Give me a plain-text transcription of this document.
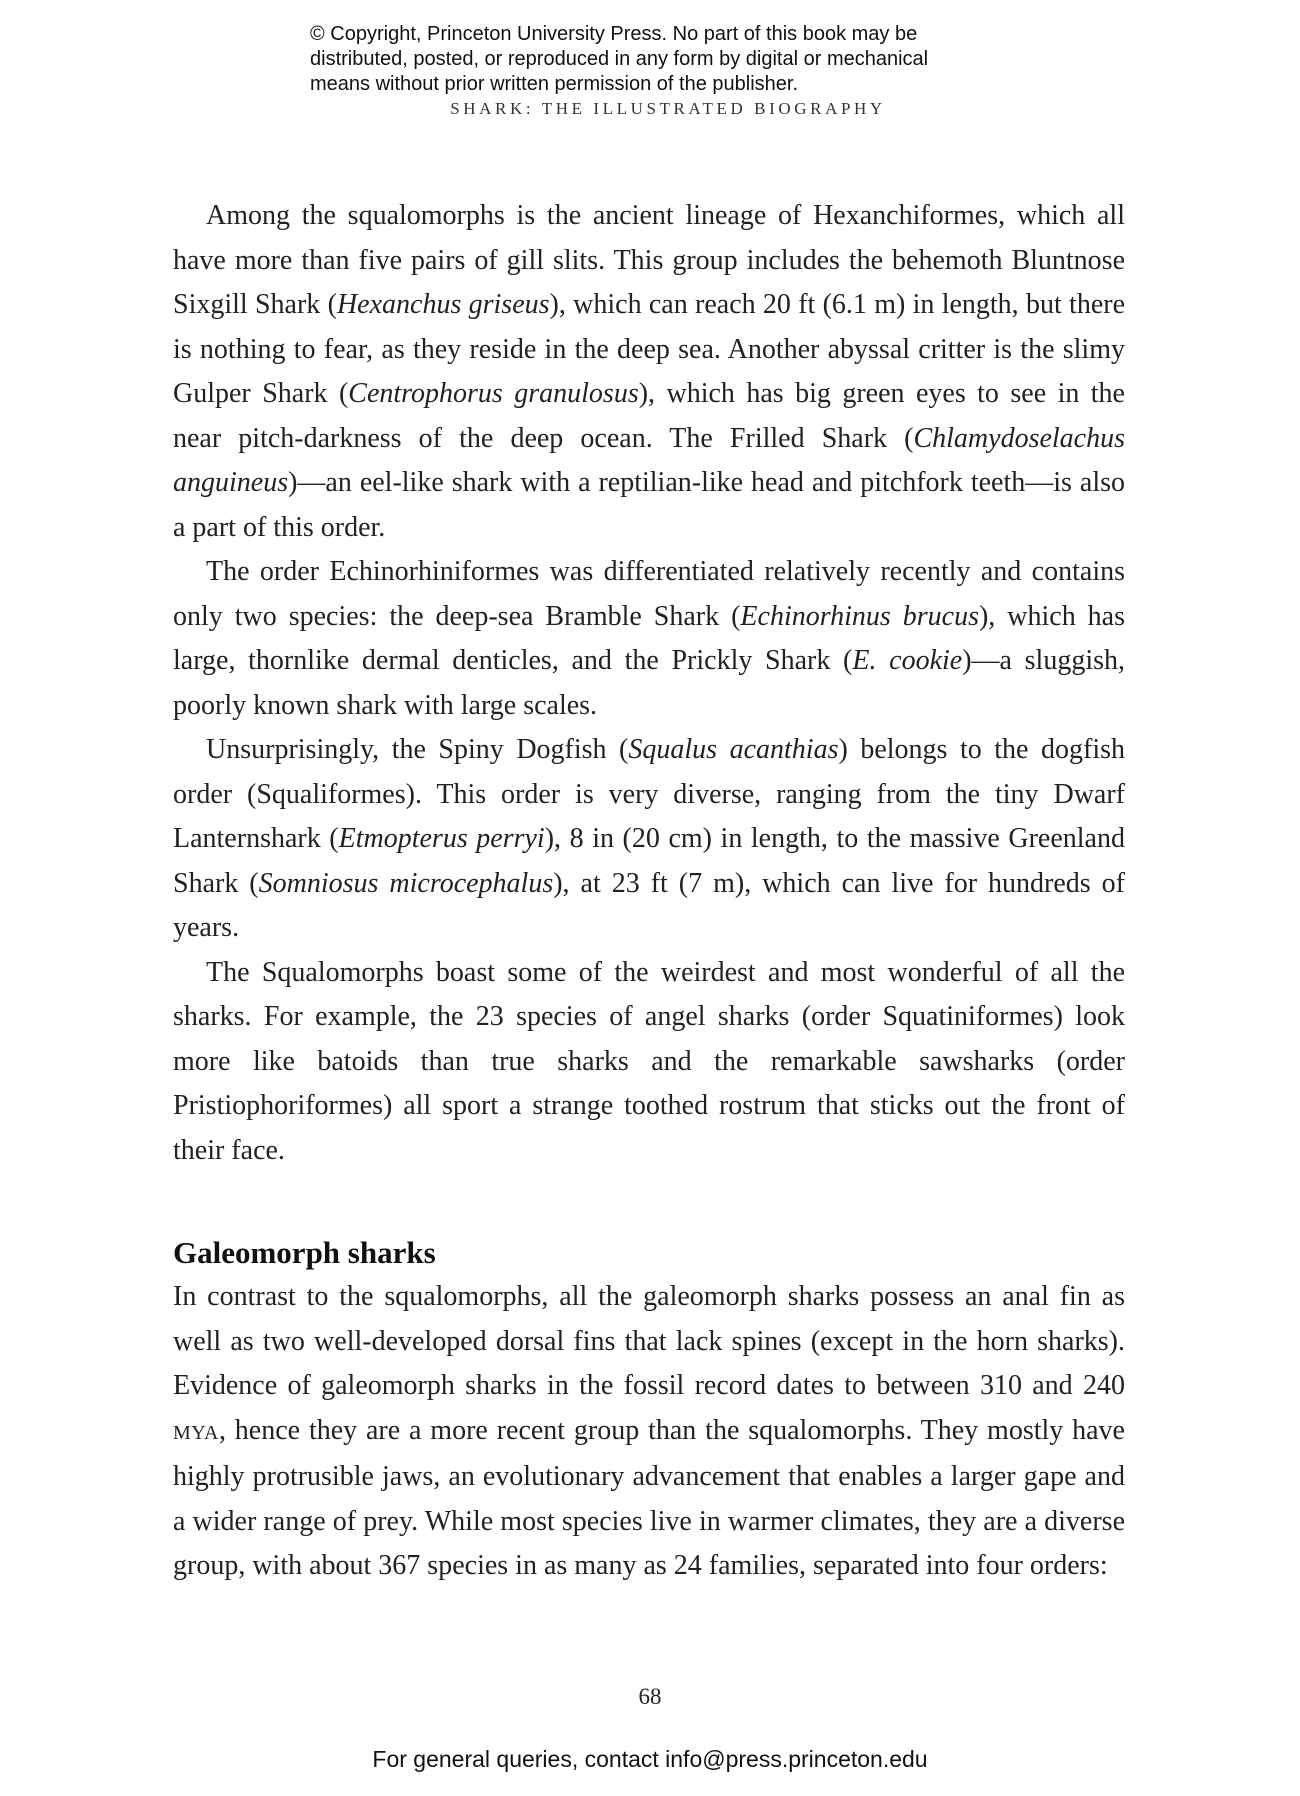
© Copyright, Princeton University Press. No part of this book may be
distributed, posted, or reproduced in any form by digital or mechanical
means without prior written permission of the publisher.
SHARK: THE ILLUSTRATED BIOGRAPHY

Among the squalomorphs is the ancient lineage of Hexanchiformes, which all have more than five pairs of gill slits. This group includes the behemoth Bluntnose Sixgill Shark (Hexanchus griseus), which can reach 20 ft (6.1 m) in length, but there is nothing to fear, as they reside in the deep sea. Another abyssal critter is the slimy Gulper Shark (Centrophorus granulosus), which has big green eyes to see in the near pitch-darkness of the deep ocean. The Frilled Shark (Chlamydoselachus anguineus)—an eel-like shark with a reptilian-like head and pitchfork teeth—is also a part of this order.

The order Echinorhiniformes was differentiated relatively recently and contains only two species: the deep-sea Bramble Shark (Echinorhinus brucus), which has large, thornlike dermal denticles, and the Prickly Shark (E. cookie)—a sluggish, poorly known shark with large scales.

Unsurprisingly, the Spiny Dogfish (Squalus acanthias) belongs to the dogfish order (Squaliformes). This order is very diverse, ranging from the tiny Dwarf Lanternshark (Etmopterus perryi), 8 in (20 cm) in length, to the massive Greenland Shark (Somniosus microcephalus), at 23 ft (7 m), which can live for hundreds of years.

The Squalomorphs boast some of the weirdest and most wonderful of all the sharks. For example, the 23 species of angel sharks (order Squatiniformes) look more like batoids than true sharks and the remarkable sawsharks (order Pristiophoriformes) all sport a strange toothed rostrum that sticks out the front of their face.

Galeomorph sharks

In contrast to the squalomorphs, all the galeomorph sharks possess an anal fin as well as two well-developed dorsal fins that lack spines (except in the horn sharks). Evidence of galeomorph sharks in the fossil record dates to between 310 and 240 MYA, hence they are a more recent group than the squalomorphs. They mostly have highly protrusible jaws, an evolutionary advancement that enables a larger gape and a wider range of prey. While most species live in warmer climates, they are a diverse group, with about 367 species in as many as 24 families, separated into four orders:

68
For general queries, contact info@press.princeton.edu
